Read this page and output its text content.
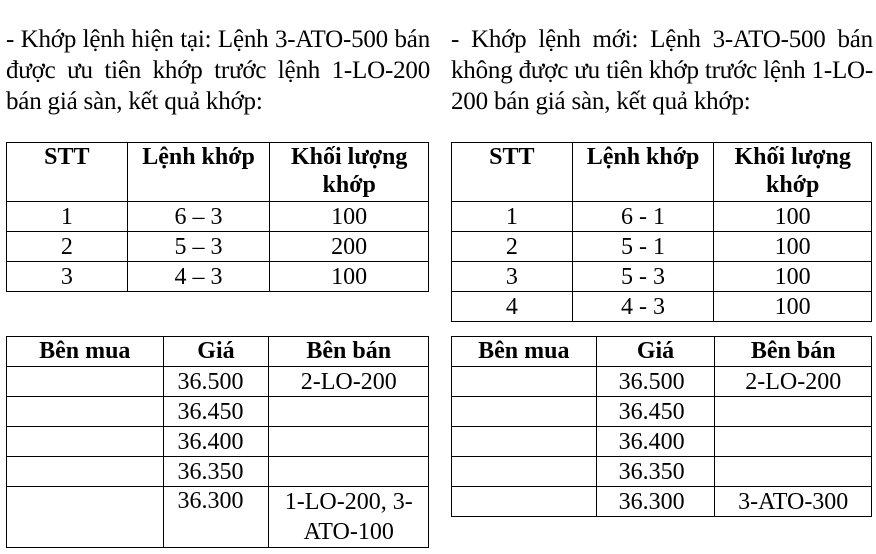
- Khớp lệnh hiện tại: Lệnh 3-ATO-500 bán được ưu tiên khớp trước lệnh 1-LO-200 bán giá sàn, kết quả khớp:

STT	Lệnh khớp	Khối lượng khớp
1	6 – 3	100
2	5 – 3	200
3	4 – 3	100
Bên mua	Giá	Bên bán
	36.500	2-LO-200
	36.450	
	36.400	
	36.350	
	36.300	1-LO-200, 3-ATO-100

- Khớp lệnh mới: Lệnh 3-ATO-500 bán không được ưu tiên khớp trước lệnh 1-LO-200 bán giá sàn, kết quả khớp:

STT	Lệnh khớp	Khối lượng khớp
1	6 - 1	100
2	5 - 1	100
3	5 - 3	100
4	4 - 3	100
Bên mua	Giá	Bên bán
	36.500	2-LO-200
	36.450	
	36.400	
	36.350	
	36.300	3-ATO-300
